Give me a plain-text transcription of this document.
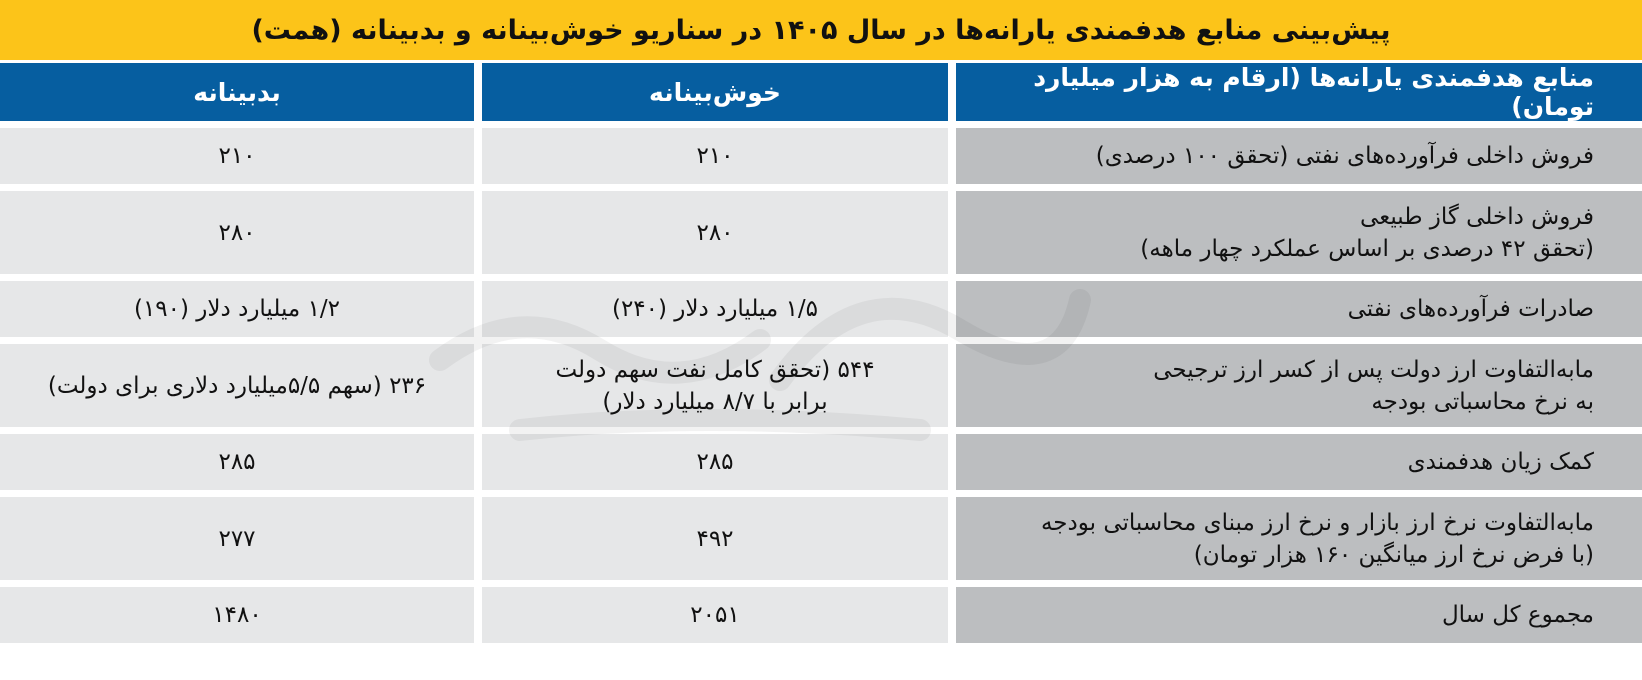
پیش‌بینی منابع هدفمندی یارانه‌ها در سال ۱۴۰۵ در سناریو خوش‌بینانه و بدبینانه (همت)
منابع هدفمندی یارانه‌ها (ارقام به هزار میلیارد تومان)	خوش‌بینانه	بدبینانه

فروش داخلی فرآورده‌های نفتی (تحقق ۱۰۰ درصدی)	۲۱۰	۲۱۰

فروش داخلی گاز طبیعی
(تحقق ۴۲ درصدی بر اساس عملکرد چهار ماهه)	۲۸۰	۲۸۰

صادرات فرآورده‌های نفتی	۱/۵ میلیارد دلار (۲۴۰)	۱/۲ میلیارد دلار (۱۹۰)

مابه‌التفاوت ارز دولت پس از کسر ارز ترجیحی
به نرخ محاسباتی بودجه	۵۴۴ (تحقق کامل نفت سهم دولت
برابر با ۸/۷ میلیارد دلار)	۲۳۶ (سهم ۵/۵میلیارد دلاری برای دولت)

کمک زیان هدفمندی	۲۸۵	۲۸۵

مابه‌التفاوت نرخ ارز بازار و نرخ ارز مبنای محاسباتی بودجه
(با فرض نرخ ارز میانگین ۱۶۰ هزار تومان)	۴۹۲	۲۷۷

مجموع کل سال	۲۰۵۱	۱۴۸۰
